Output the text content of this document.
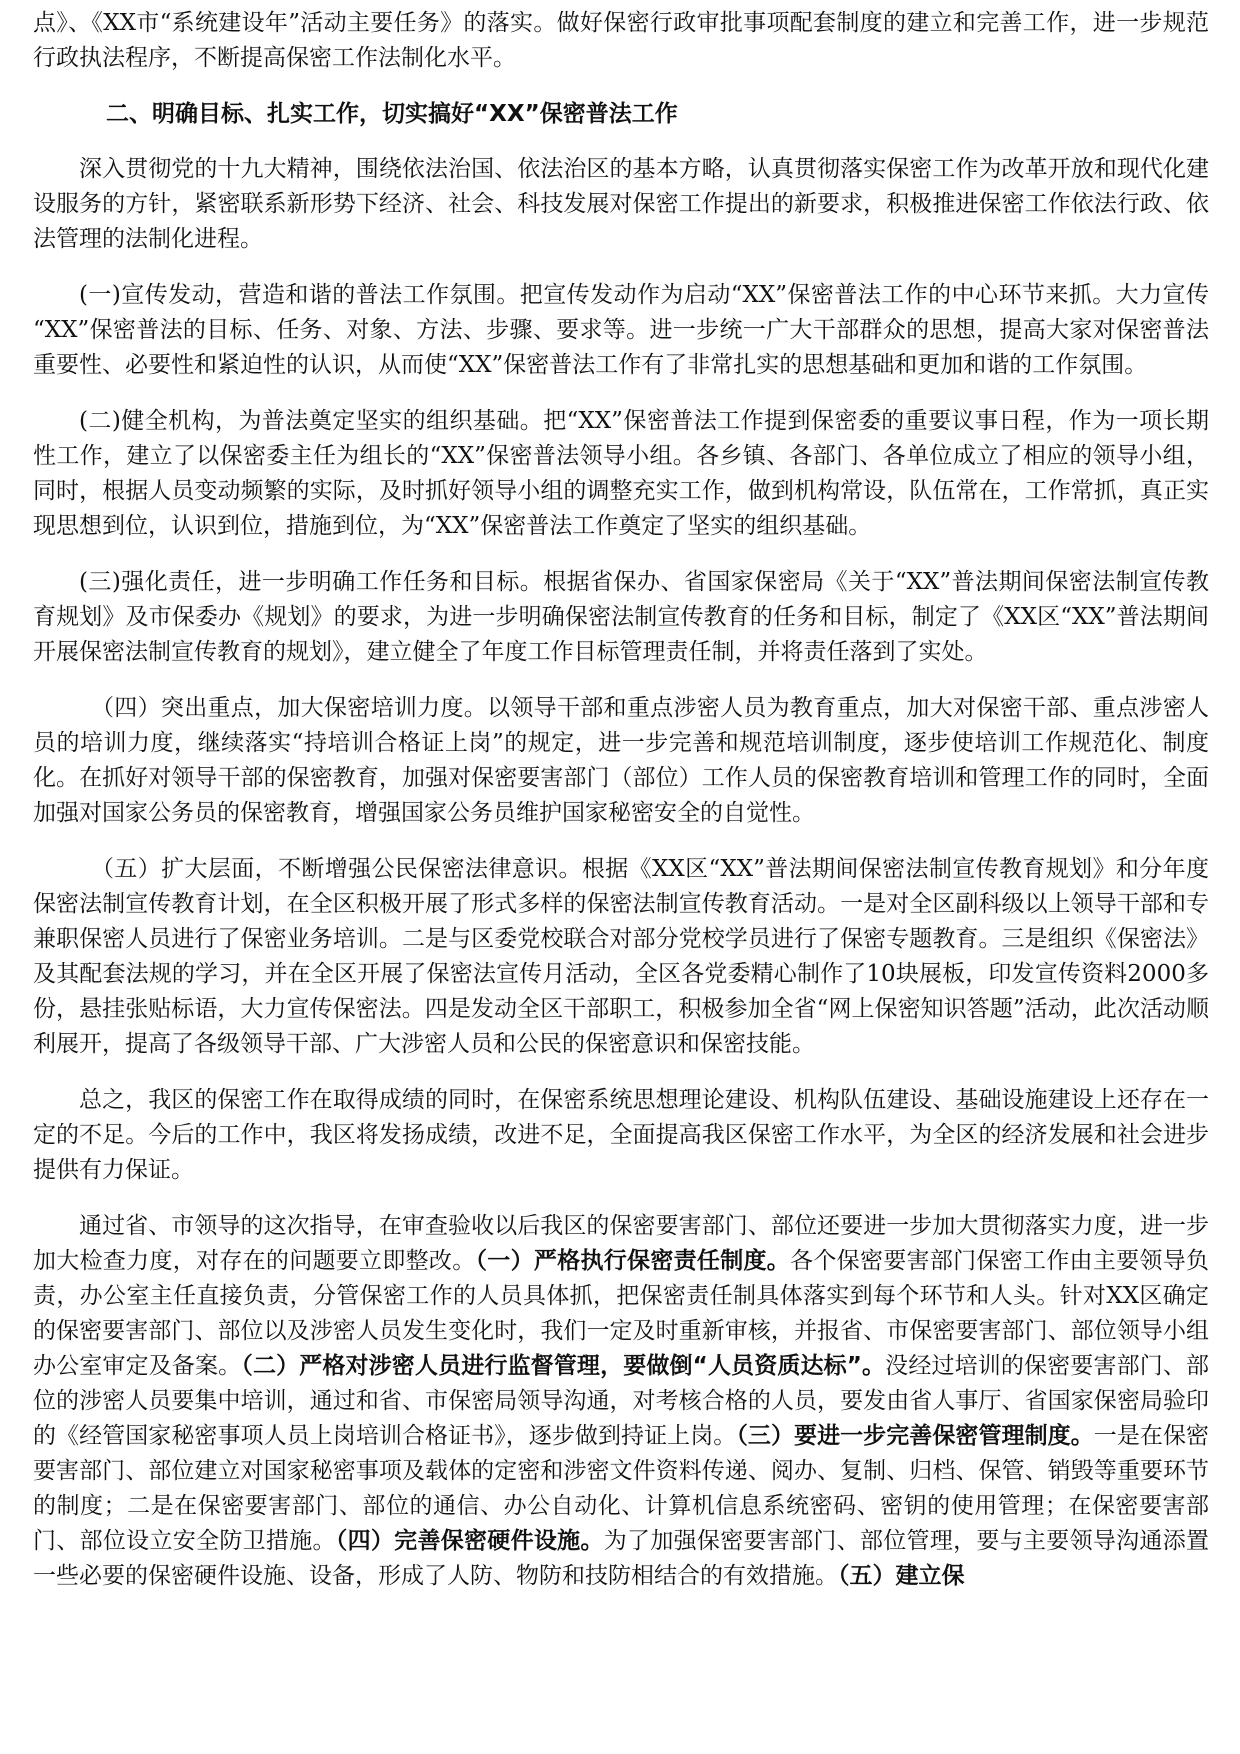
点》、《XX市“系统建设年”活动主要任务》的落实。做好保密行政审批事项配套制度的建立和完善工作，进一步规范行政执法程序，不断提高保密工作法制化水平。

二、明确目标、扎实工作，切实搞好“XX”保密普法工作

深入贯彻党的十九大精神，围绕依法治国、依法治区的基本方略，认真贯彻落实保密工作为改革开放和现代化建设服务的方针，紧密联系新形势下经济、社会、科技发展对保密工作提出的新要求，积极推进保密工作依法行政、依法管理的法制化进程。

(一)宣传发动，营造和谐的普法工作氛围。把宣传发动作为启动“XX”保密普法工作的中心环节来抓。大力宣传 “XX”保密普法的目标、任务、对象、方法、步骤、要求等。进一步统一广大干部群众的思想，提高大家对保密普法重要性、必要性和紧迫性的认识，从而使“XX”保密普法工作有了非常扎实的思想基础和更加和谐的工作氛围。

(二)健全机构，为普法奠定坚实的组织基础。把“XX”保密普法工作提到保密委的重要议事日程，作为一项长期性工作，建立了以保密委主任为组长的“XX”保密普法领导小组。各乡镇、各部门、各单位成立了相应的领导小组，同时，根据人员变动频繁的实际，及时抓好领导小组的调整充实工作，做到机构常设，队伍常在，工作常抓，真正实现思想到位，认识到位，措施到位，为“XX”保密普法工作奠定了坚实的组织基础。

(三)强化责任，进一步明确工作任务和目标。根据省保办、省国家保密局《关于“XX”普法期间保密法制宣传教育规划》及市保委办《规划》的要求，为进一步明确保密法制宣传教育的任务和目标，制定了《XX区“XX”普法期间开展保密法制宣传教育的规划》，建立健全了年度工作目标管理责任制，并将责任落到了实处。

（四）突出重点，加大保密培训力度。以领导干部和重点涉密人员为教育重点，加大对保密干部、重点涉密人员的培训力度，继续落实“持培训合格证上岗”的规定，进一步完善和规范培训制度，逐步使培训工作规范化、制度化。在抓好对领导干部的保密教育，加强对保密要害部门（部位）工作人员的保密教育培训和管理工作的同时，全面加强对国家公务员的保密教育，增强国家公务员维护国家秘密安全的自觉性。

（五）扩大层面，不断增强公民保密法律意识。根据《XX区“XX”普法期间保密法制宣传教育规划》和分年度保密法制宣传教育计划，在全区积极开展了形式多样的保密法制宣传教育活动。一是对全区副科级以上领导干部和专兼职保密人员进行了保密业务培训。二是与区委党校联合对部分党校学员进行了保密专题教育。三是组织《保密法》及其配套法规的学习，并在全区开展了保密法宣传月活动，全区各党委精心制作了10块展板，印发宣传资料2000多份，悬挂张贴标语，大力宣传保密法。四是发动全区干部职工，积极参加全省“网上保密知识答题”活动，此次活动顺利展开，提高了各级领导干部、广大涉密人员和公民的保密意识和保密技能。

总之，我区的保密工作在取得成绩的同时，在保密系统思想理论建设、机构队伍建设、基础设施建设上还存在一定的不足。今后的工作中，我区将发扬成绩，改进不足，全面提高我区保密工作水平，为全区的经济发展和社会进步提供有力保证。

通过省、市领导的这次指导，在审查验收以后我区的保密要害部门、部位还要进一步加大贯彻落实力度，进一步加大检查力度，对存在的问题要立即整改。（一）严格执行保密责任制度。各个保密要害部门保密工作由主要领导负责，办公室主任直接负责，分管保密工作的人员具体抓，把保密责任制具体落实到每个环节和人头。针对XX区确定的保密要害部门、部位以及涉密人员发生变化时，我们一定及时重新审核，并报省、市保密要害部门、部位领导小组办公室审定及备案。（二）严格对涉密人员进行监督管理，要做倒“人员资质达标”。没经过培训的保密要害部门、部位的涉密人员要集中培训，通过和省、市保密局领导沟通，对考核合格的人员，要发由省人事厅、省国家保密局验印的《经管国家秘密事项人员上岗培训合格证书》，逐步做到持证上岗。（三）要进一步完善保密管理制度。一是在保密要害部门、部位建立对国家秘密事项及载体的定密和涉密文件资料传递、阅办、复制、归档、保管、销毁等重要环节的制度；二是在保密要害部门、部位的通信、办公自动化、计算机信息系统密码、密钥的使用管理；在保密要害部门、部位设立安全防卫措施。（四）完善保密硬件设施。为了加强保密要害部门、部位管理，要与主要领导沟通添置一些必要的保密硬件设施、设备，形成了人防、物防和技防相结合的有效措施。（五）建立保
